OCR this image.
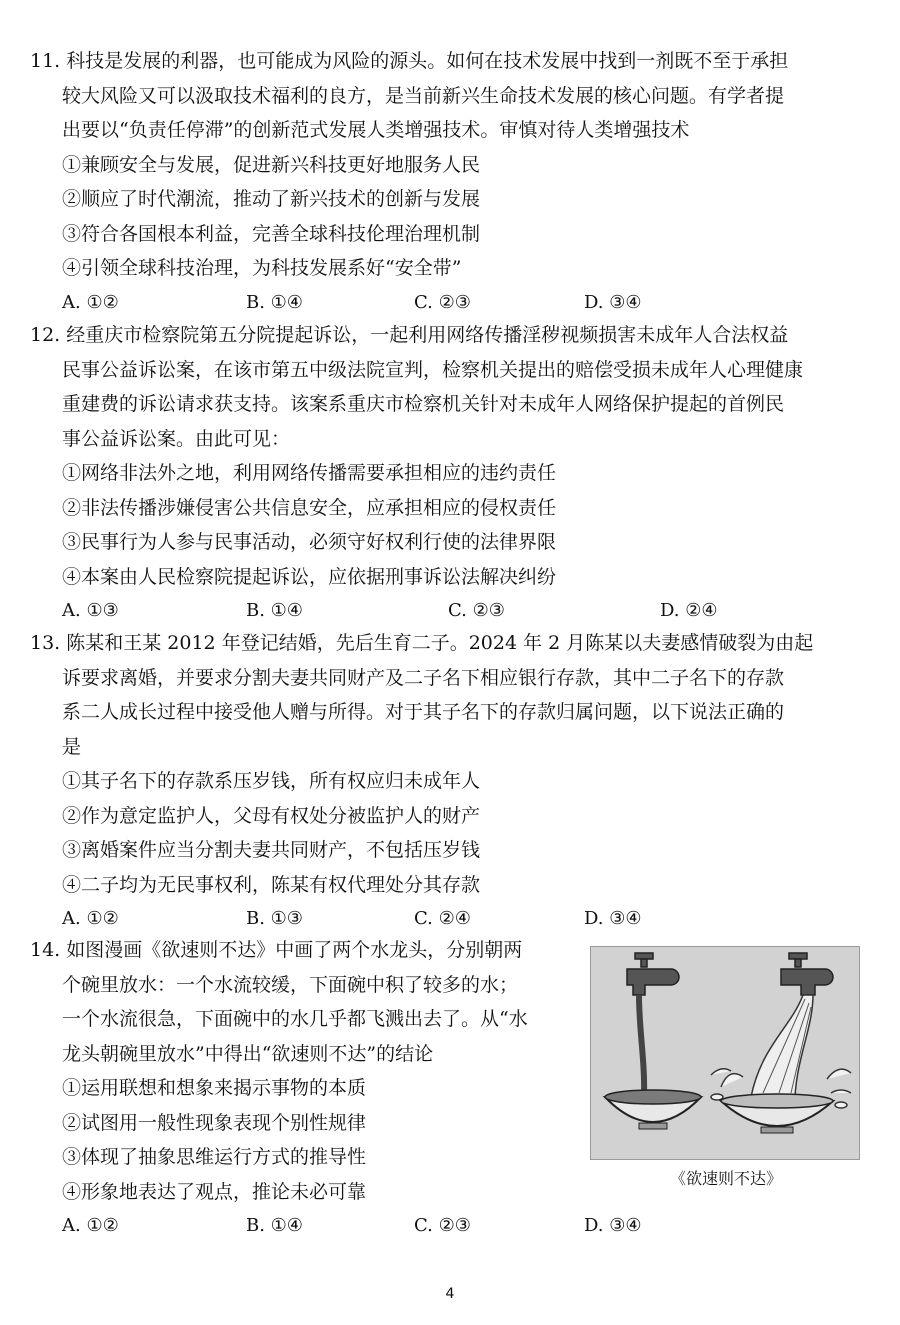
11. 科技是发展的利器，也可能成为风险的源头。如何在技术发展中找到一剂既不至于承担
较大风险又可以汲取技术福利的良方，是当前新兴生命技术发展的核心问题。有学者提
出要以“负责任停滞”的创新范式发展人类增强技术。审慎对待人类增强技术
①兼顾安全与发展，促进新兴科技更好地服务人民
②顺应了时代潮流，推动了新兴技术的创新与发展
③符合各国根本利益，完善全球科技伦理治理机制
④引领全球科技治理，为科技发展系好“安全带”
A. ①②	B. ①④	C. ②③	D. ③④
12. 经重庆市检察院第五分院提起诉讼，一起利用网络传播淫秽视频损害未成年人合法权益
民事公益诉讼案，在该市第五中级法院宣判，检察机关提出的赔偿受损未成年人心理健康
重建费的诉讼请求获支持。该案系重庆市检察机关针对未成年人网络保护提起的首例民
事公益诉讼案。由此可见：
①网络非法外之地，利用网络传播需要承担相应的违约责任
②非法传播涉嫌侵害公共信息安全，应承担相应的侵权责任
③民事行为人参与民事活动，必须守好权利行使的法律界限
④本案由人民检察院提起诉讼，应依据刑事诉讼法解决纠纷
A. ①③	B. ①④	C. ②③	D. ②④
13. 陈某和王某 2012 年登记结婚，先后生育二子。2024 年 2 月陈某以夫妻感情破裂为由起
诉要求离婚，并要求分割夫妻共同财产及二子名下相应银行存款，其中二子名下的存款
系二人成长过程中接受他人赠与所得。对于其子名下的存款归属问题，以下说法正确的
是
①其子名下的存款系压岁钱，所有权应归未成年人
②作为意定监护人，父母有权处分被监护人的财产
③离婚案件应当分割夫妻共同财产，不包括压岁钱
④二子均为无民事权利，陈某有权代理处分其存款
A. ①②	B. ①③	C. ②④	D. ③④
14. 如图漫画《欲速则不达》中画了两个水龙头，分别朝两
个碗里放水：一个水流较缓，下面碗中积了较多的水；
一个水流很急，下面碗中的水几乎都飞溅出去了。从“水
龙头朝碗里放水”中得出“欲速则不达”的结论
①运用联想和想象来揭示事物的本质
②试图用一般性现象表现个别性规律
③体现了抽象思维运行方式的推导性
④形象地表达了观点，推论未必可靠
A. ①②	B. ①④	C. ②③	D. ③④
《欲速则不达》
4
